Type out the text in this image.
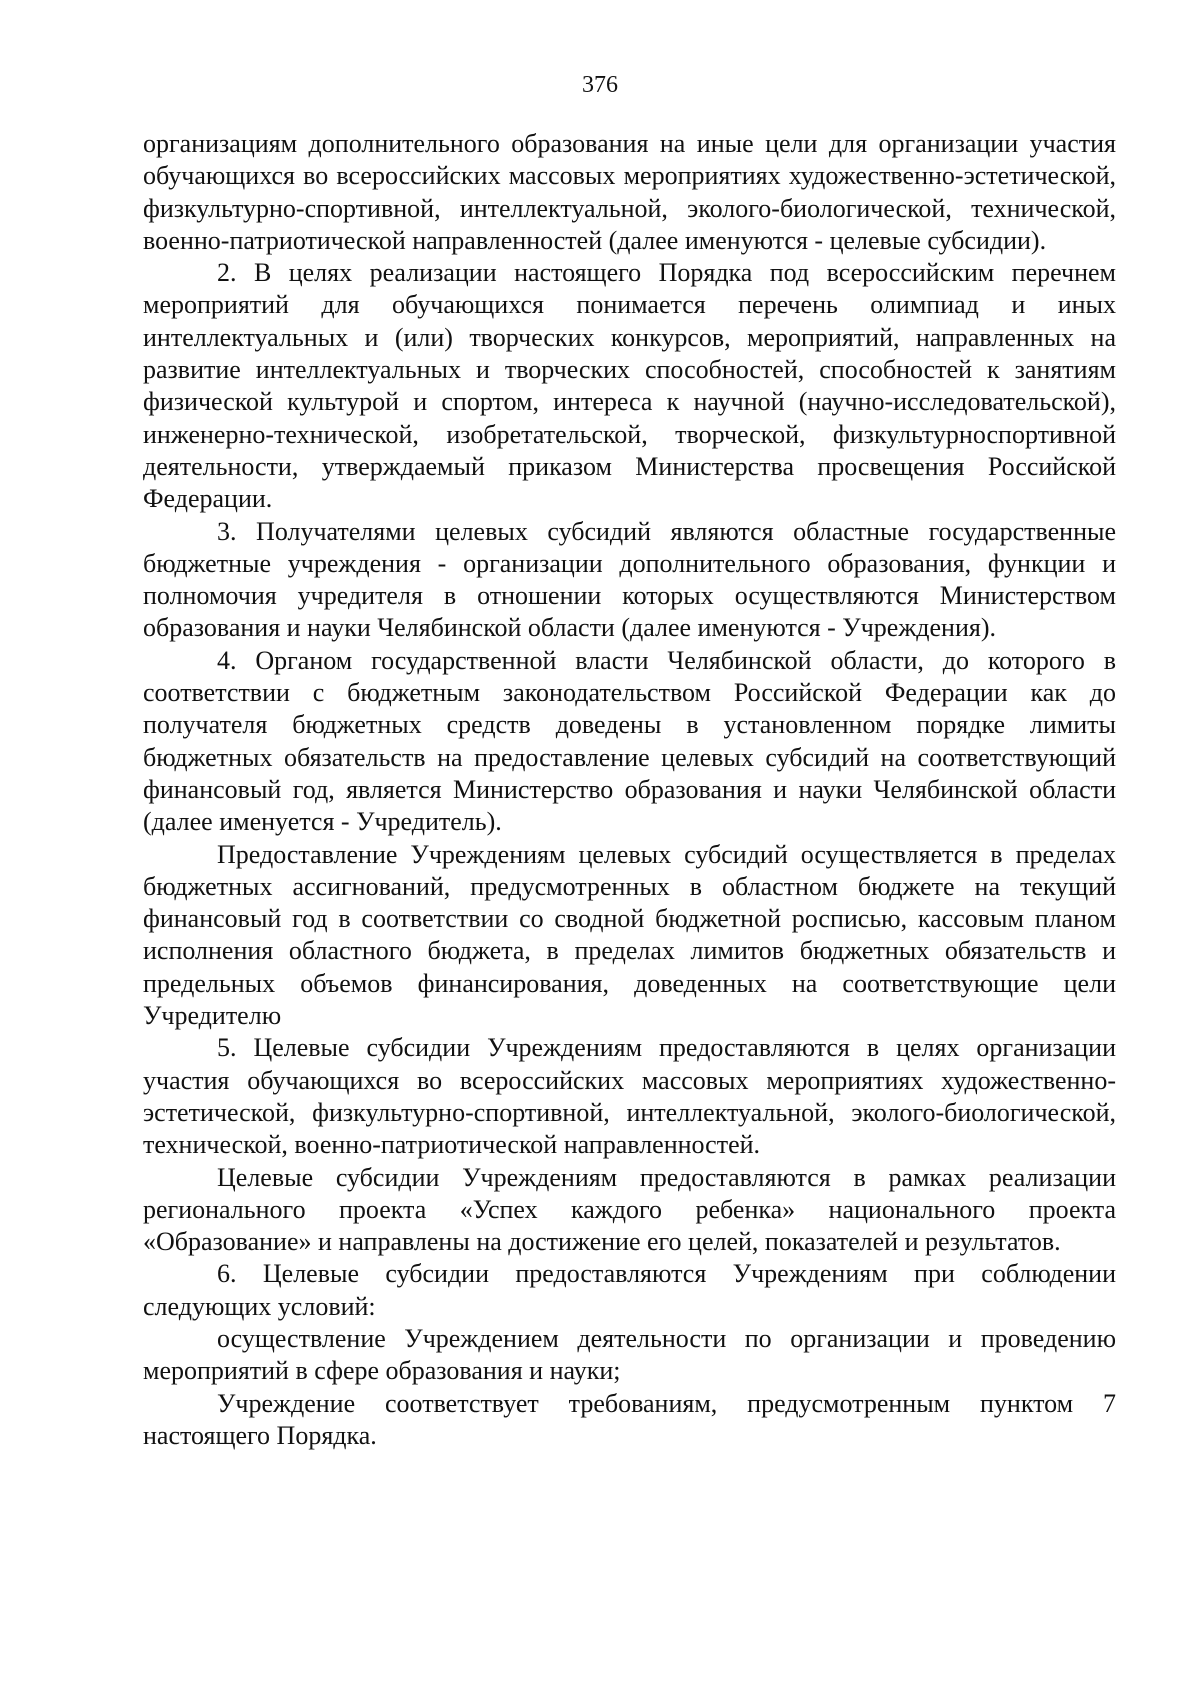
376

организациям дополнительного образования на иные цели для организации участия обучающихся во всероссийских массовых мероприятиях художественно-эстетической, физкультурно-спортивной, интеллектуальной, эколого-биологической, технической, военно-патриотической направленностей (далее именуются - целевые субсидии).

2. В целях реализации настоящего Порядка под всероссийским перечнем мероприятий для обучающихся понимается перечень олимпиад и иных интеллектуальных и (или) творческих конкурсов, мероприятий, направленных на развитие интеллектуальных и творческих способностей, способностей к занятиям физической культурой и спортом, интереса к научной (научно-исследовательской), инженерно-технической, изобретательской, творческой, физкультурноспортивной деятельности, утверждаемый приказом Министерства просвещения Российской Федерации.

3. Получателями целевых субсидий являются областные государственные бюджетные учреждения - организации дополнительного образования, функции и полномочия учредителя в отношении которых осуществляются Министерством образования и науки Челябинской области (далее именуются - Учреждения).

4. Органом государственной власти Челябинской области, до которого в соответствии с бюджетным законодательством Российской Федерации как до получателя бюджетных средств доведены в установленном порядке лимиты бюджетных обязательств на предоставление целевых субсидий на соответствующий финансовый год, является Министерство образования и науки Челябинской области (далее именуется - Учредитель).

Предоставление Учреждениям целевых субсидий осуществляется в пределах бюджетных ассигнований, предусмотренных в областном бюджете на текущий финансовый год в соответствии со сводной бюджетной росписью, кассовым планом исполнения областного бюджета, в пределах лимитов бюджетных обязательств и предельных объемов финансирования, доведенных на соответствующие цели Учредителю

5. Целевые субсидии Учреждениям предоставляются в целях организации участия обучающихся во всероссийских массовых мероприятиях художественно-эстетической, физкультурно-спортивной, интеллектуальной, эколого-биологической, технической, военно-патриотической направленностей.

Целевые субсидии Учреждениям предоставляются в рамках реализации регионального проекта «Успех каждого ребенка» национального проекта «Образование» и направлены на достижение его целей, показателей и результатов.

6. Целевые субсидии предоставляются Учреждениям при соблюдении следующих условий:

осуществление Учреждением деятельности по организации и проведению мероприятий в сфере образования и науки;

Учреждение соответствует требованиям, предусмотренным пунктом 7 настоящего Порядка.
